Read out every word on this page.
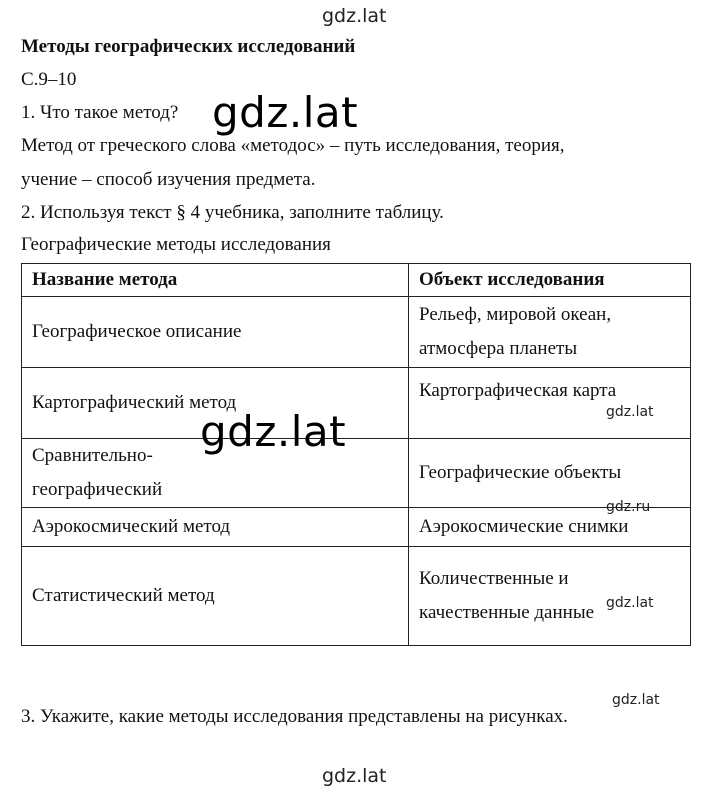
gdz.lat
Методы географических исследований
С.9–10
1. Что такое метод?
Метод от греческого слова «методос» – путь исследования, теория,
учение – способ изучения предмета.
2. Используя текст § 4 учебника, заполните таблицу.
Географические методы исследования
Название метода	Объект исследования
Географическое описание	Рельеф, мировой океан, атмосфера планеты
Картографический метод	Картографическая карта
Сравнительно-географический	Географические объекты
Аэрокосмический метод	Аэрокосмические снимки
Статистический метод	Количественные и качественные данные
gdz.lat
gdz.lat	gdz.lat
gdz.ru
gdz.lat
gdz.lat
3. Укажите, какие методы исследования представлены на рисунках.
gdz.lat
